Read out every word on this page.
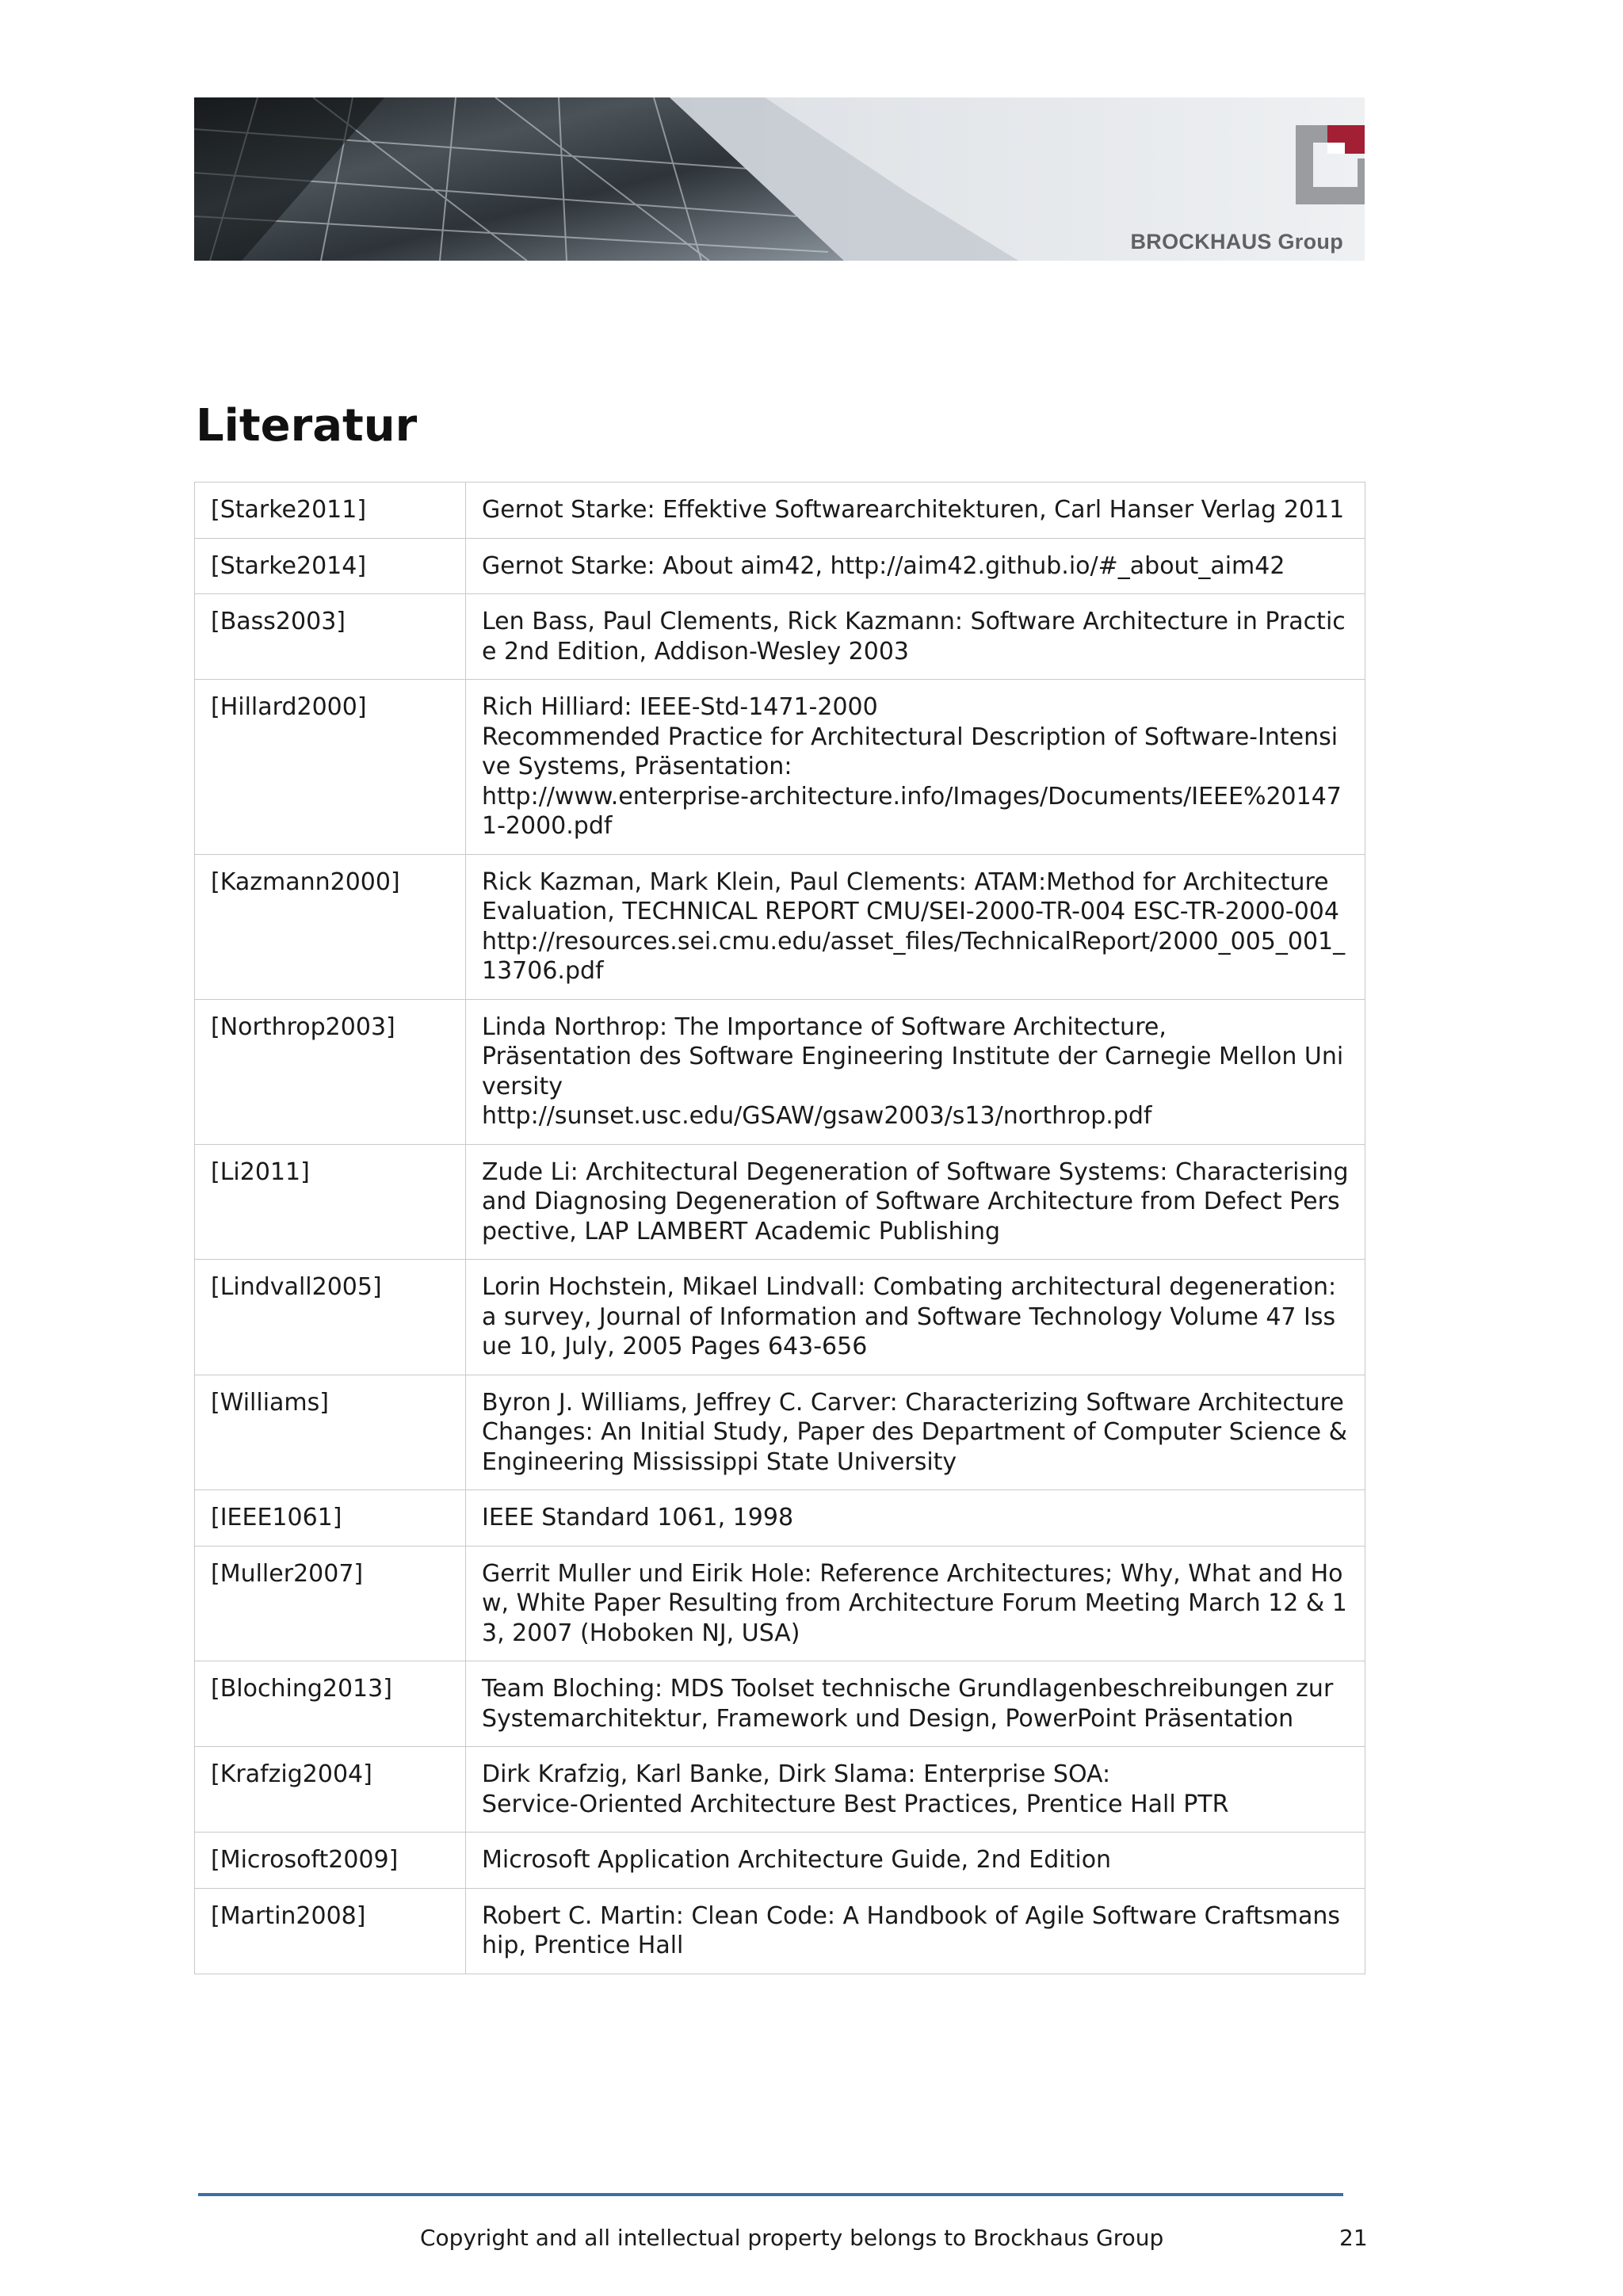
BROCKHAUS Group
Literatur
[Starke2011]	Gernot Starke: Effektive Softwarearchitekturen, Carl Hanser Verlag 2011
[Starke2014]	Gernot Starke: About aim42, http://aim42.github.io/#_about_aim42
[Bass2003]	Len Bass, Paul Clements, Rick Kazmann: Software Architecture in Practice 2nd Edition, Addison-Wesley 2003
[Hillard2000]	Rich Hilliard: IEEE-Std-1471-2000
Recommended Practice for Architectural Description of Software-Intensive Systems, Präsentation:
http://www.enterprise-architecture.info/Images/Documents/IEEE%201471-2000.pdf
[Kazmann2000]	Rick Kazman, Mark Klein, Paul Clements: ATAM:Method for Architecture Evaluation, TECHNICAL REPORT CMU/SEI-2000-TR-004 ESC-TR-2000-004
http://resources.sei.cmu.edu/asset_files/TechnicalReport/2000_005_001_13706.pdf
[Northrop2003]	Linda Northrop: The Importance of Software Architecture,
Präsentation des Software Engineering Institute der Carnegie Mellon University
http://sunset.usc.edu/GSAW/gsaw2003/s13/northrop.pdf
[Li2011]	Zude Li: Architectural Degeneration of Software Systems: Characterising and Diagnosing Degeneration of Software Architecture from Defect Perspective, LAP LAMBERT Academic Publishing
[Lindvall2005]	Lorin Hochstein, Mikael Lindvall: Combating architectural degeneration: a survey, Journal of Information and Software Technology Volume 47 Issue 10, July, 2005 Pages 643-656
[Williams]	Byron J. Williams, Jeffrey C. Carver: Characterizing Software Architecture Changes: An Initial Study, Paper des Department of Computer Science & Engineering Mississippi State University
[IEEE1061]	IEEE Standard 1061, 1998
[Muller2007]	Gerrit Muller und Eirik Hole: Reference Architectures; Why, What and How, White Paper Resulting from Architecture Forum Meeting March 12 & 13, 2007 (Hoboken NJ, USA)
[Bloching2013]	Team Bloching: MDS Toolset technische Grundlagenbeschreibungen zur Systemarchitektur, Framework und Design, PowerPoint Präsentation
[Krafzig2004]	Dirk Krafzig, Karl Banke, Dirk Slama: Enterprise SOA:
Service-Oriented Architecture Best Practices, Prentice Hall PTR
[Microsoft2009]	Microsoft Application Architecture Guide, 2nd Edition
[Martin2008]	Robert C. Martin: Clean Code: A Handbook of Agile Software Craftsmanship, Prentice Hall
Copyright and all intellectual property belongs to Brockhaus Group	21
